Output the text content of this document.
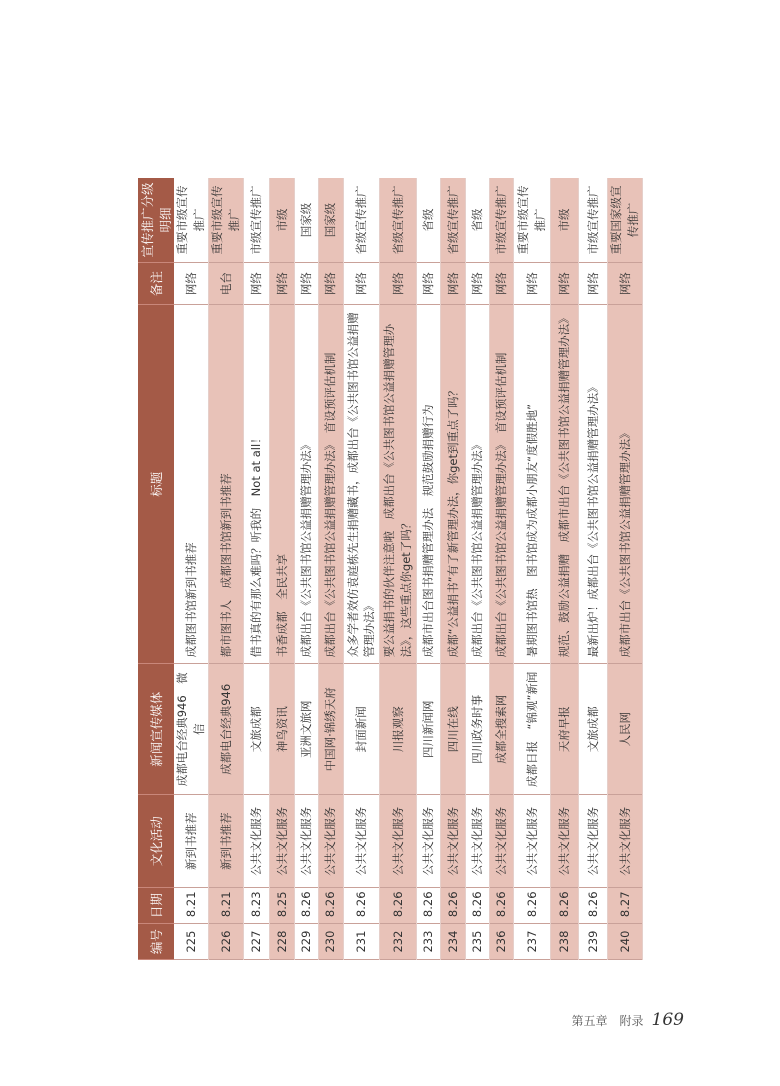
编号	日期	文化活动	新闻宣传媒体	标题	备注	宣传推广分级明细
225	8.21	新到书推荐	成都电台经典946　微信	成都图书馆新到书推荐	网络	重要市级宣传推广
226	8.21	新到书推荐	成都电台经典946	都市图书人　成都图书馆新到书推荐	电台	重要市级宣传推广
227	8.23	公共文化服务	文旅成都	借书真的有那么难吗？听我的　Not at all！	网络	市级宣传推广
228	8.25	公共文化服务	神鸟资讯	书香成都　全民共享	网络	市级
229	8.26	公共文化服务	亚洲文旅网	成都出台《公共图书馆公益捐赠管理办法》	网络	国家级
230	8.26	公共文化服务	中国网·锦绣天府	成都出台《公共图书馆公益捐赠管理办法》　首设预评估机制	网络	国家级
231	8.26	公共文化服务	封面新闻	众多学者效仿袁庭栋先生捐赠藏书，成都出台《公共图书馆公益捐赠管理办法》	网络	省级宣传推广
232	8.26	公共文化服务	川报观察	要公益捐书的伙伴注意啦　成都出台《公共图书馆公益捐赠管理办法》，这些重点你get了吗？	网络	省级宣传推广
233	8.26	公共文化服务	四川新闻网	成都市出台图书捐赠管理办法　规范鼓励捐赠行为	网络	省级
234	8.26	公共文化服务	四川在线	成都“公益捐书”有了新管理办法，你get到重点了吗？	网络	省级宣传推广
235	8.26	公共文化服务	四川政务时事	成都出台《公共图书馆公益捐赠管理办法》	网络	省级
236	8.26	公共文化服务	成都全搜索网	成都出台《公共图书馆公益捐赠管理办法》　首设预评估机制	网络	市级宣传推广
237	8.26	公共文化服务	成都日报　“锦观”新闻	暑期图书馆热　图书馆成为成都小朋友“度假胜地”	网络	重要市级宣传推广
238	8.26	公共文化服务	天府早报	规范、鼓励公益捐赠　成都市出台《公共图书馆公益捐赠管理办法》	网络	市级
239	8.26	公共文化服务	文旅成都	最新出炉！成都出台《公共图书馆公益捐赠管理办法》	网络	市级宣传推广
240	8.27	公共文化服务	人民网	成都市出台《公共图书馆公益捐赠管理办法》	网络	重要国家级宣传推广
第五章　附录 169
